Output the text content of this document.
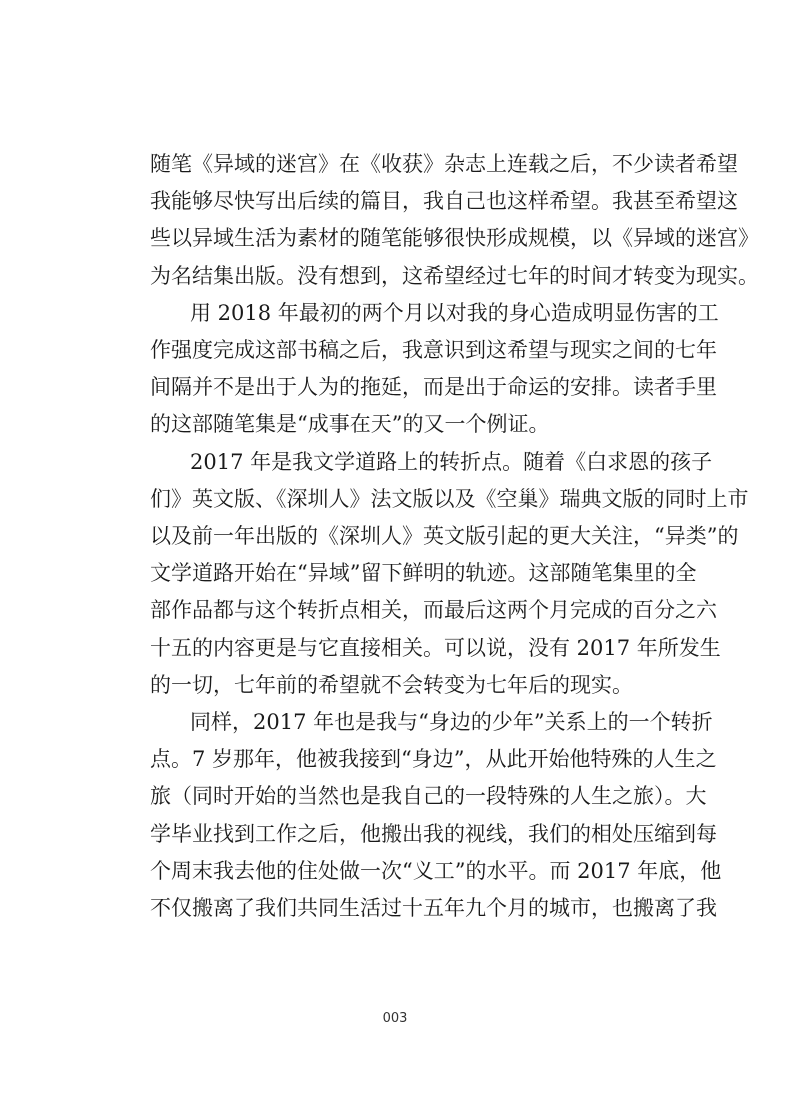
随笔《异域的迷宫》在《收获》杂志上连载之后，不少读者希望
我能够尽快写出后续的篇目，我自己也这样希望。我甚至希望这
些以异域生活为素材的随笔能够很快形成规模，以《异域的迷宫》
为名结集出版。没有想到，这希望经过七年的时间才转变为现实。
用 2018 年最初的两个月以对我的身心造成明显伤害的工
作强度完成这部书稿之后，我意识到这希望与现实之间的七年
间隔并不是出于人为的拖延，而是出于命运的安排。读者手里
的这部随笔集是“成事在天”的又一个例证。
2017 年是我文学道路上的转折点。随着《白求恩的孩子
们》英文版、《深圳人》法文版以及《空巢》瑞典文版的同时上市
以及前一年出版的《深圳人》英文版引起的更大关注，“异类”的
文学道路开始在“异域”留下鲜明的轨迹。这部随笔集里的全
部作品都与这个转折点相关，而最后这两个月完成的百分之六
十五的内容更是与它直接相关。可以说，没有 2017 年所发生
的一切，七年前的希望就不会转变为七年后的现实。
同样，2017 年也是我与“身边的少年”关系上的一个转折
点。7 岁那年，他被我接到“身边”，从此开始他特殊的人生之
旅（同时开始的当然也是我自己的一段特殊的人生之旅）。大
学毕业找到工作之后，他搬出我的视线，我们的相处压缩到每
个周末我去他的住处做一次“义工”的水平。而 2017 年底，他
不仅搬离了我们共同生活过十五年九个月的城市，也搬离了我
003
